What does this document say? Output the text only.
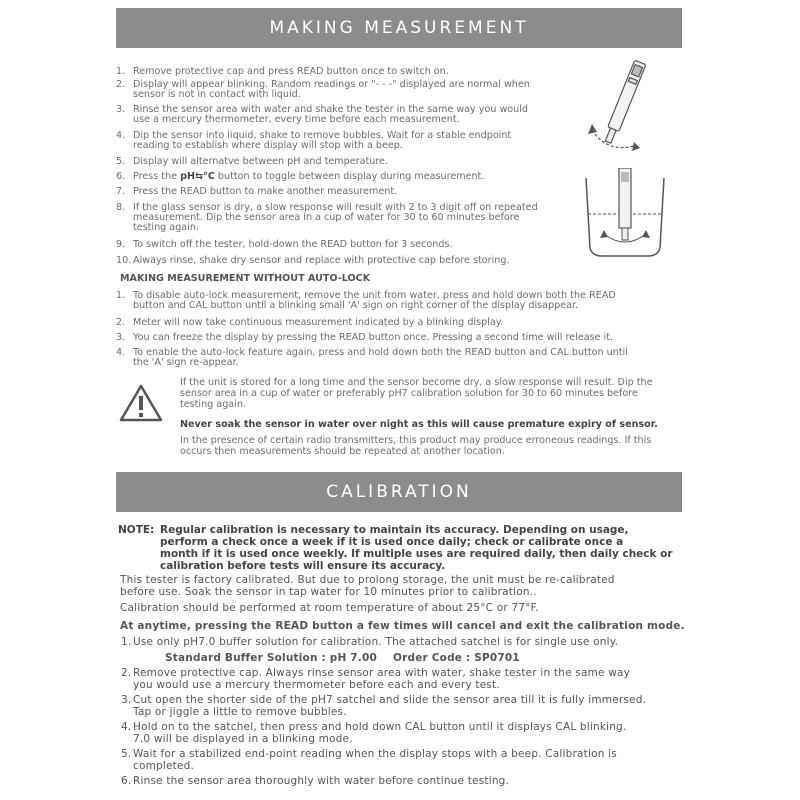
MAKING MEASUREMENT
1. Remove protective cap and press READ button once to switch on.
2. Display will appear blinking. Random readings or "- - -" displayed are normal when
sensor is not in contact with liquid.
3. Rinse the sensor area with water and shake the tester in the same way you would
use a mercury thermometer, every time before each measurement.
4. Dip the sensor into liquid, shake to remove bubbles. Wait for a stable endpoint
reading to establish where display will stop with a beep.
5. Display will alternatve between pH and temperature.
6. Press the pH⇆°C button to toggle between display during measurement.
7. Press the READ button to make another measurement.
8. If the glass sensor is dry, a slow response will result with 2 to 3 digit off on repeated
measurement. Dip the sensor area in a cup of water for 30 to 60 minutes before
testing again.
9. To switch off the tester, hold-down the READ button for 3 seconds.
10. Always rinse, shake dry sensor and replace with protective cap before storing.
MAKING MEASUREMENT WITHOUT AUTO-LOCK
1. To disable auto-lock measurement, remove the unit from water, press and hold down both the READ
button and CAL button until a blinking small 'A' sign on right corner of the display disappear.
2. Meter will now take continuous measurement indicated by a blinking display.
3. You can freeze the display by pressing the READ button once. Pressing a second time will release it.
4. To enable the auto-lock feature again, press and hold down both the READ button and CAL button until
the 'A' sign re-appear.
If the unit is stored for a long time and the sensor become dry, a slow response will result. Dip the
sensor area in a cup of water or preferably pH7 calibration solution for 30 to 60 minutes before
testing again.
Never soak the sensor in water over night as this will cause premature expiry of sensor.
In the presence of certain radio transmitters, this product may produce erroneous readings. If this
occurs then measurements should be repeated at another location.
CALIBRATION
NOTE: Regular calibration is necessary to maintain its accuracy. Depending on usage,
perform a check once a week if it is used once daily; check or calibrate once a
month if it is used once weekly. If multiple uses are required daily, then daily check or
calibration before tests will ensure its accuracy.
This tester is factory calibrated. But due to prolong storage, the unit must be re-calibrated
before use. Soak the sensor in tap water for 10 minutes prior to calibration..
Calibration should be performed at room temperature of about 25°C or 77°F.
At anytime, pressing the READ button a few times will cancel and exit the calibration mode.
1. Use only pH7.0 buffer solution for calibration. The attached satchel is for single use only.
Standard Buffer Solution : pH 7.00 Order Code : SP0701
2. Remove protective cap. Always rinse sensor area with water, shake tester in the same way
you would use a mercury thermometer before each and every test.
3. Cut open the shorter side of the pH7 satchel and slide the sensor area till it is fully immersed.
Tap or jiggle a little to remove bubbles.
4. Hold on to the satchel, then press and hold down CAL button until it displays CAL blinking.
7.0 will be displayed in a blinking mode.
5. Wait for a stabilized end-point reading when the display stops with a beep. Calibration is
completed.
6. Rinse the sensor area thoroughly with water before continue testing.
